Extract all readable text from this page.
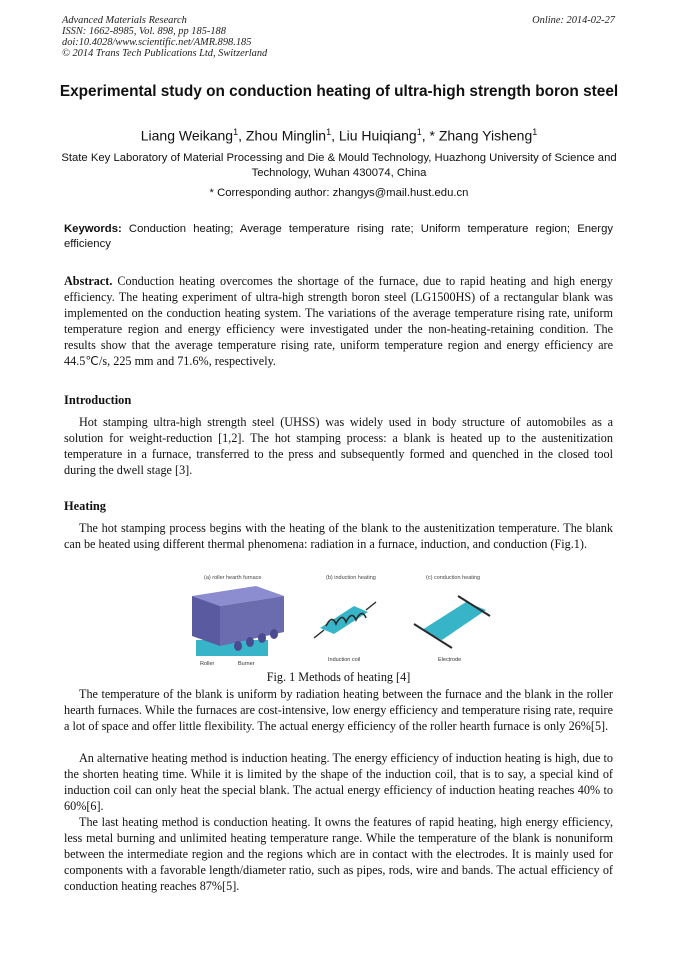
Advanced Materials Research
ISSN: 1662-8985, Vol. 898, pp 185-188
doi:10.4028/www.scientific.net/AMR.898.185
© 2014 Trans Tech Publications Ltd, Switzerland
Online: 2014-02-27
Experimental study on conduction heating of ultra-high strength boron steel
Liang Weikang$^1$, Zhou Minglin$^1$, Liu Huiqiang$^1$, * Zhang Yisheng$^1$
State Key Laboratory of Material Processing and Die & Mould Technology, Huazhong University of Science and Technology, Wuhan 430074, China
* Corresponding author: zhangys@mail.hust.edu.cn
Keywords: Conduction heating; Average temperature rising rate; Uniform temperature region; Energy efficiency
Abstract. Conduction heating overcomes the shortage of the furnace, due to rapid heating and high energy efficiency. The heating experiment of ultra-high strength boron steel (LG1500HS) of a rectangular blank was implemented on the conduction heating system. The variations of the average temperature rising rate, uniform temperature region and energy efficiency were investigated under the non-heating-retaining condition. The results show that the average temperature rising rate, uniform temperature region and energy efficiency are 44.5℃/s, 225 mm and 71.6%, respectively.
Introduction
Hot stamping ultra-high strength steel (UHSS) was widely used in body structure of automobiles as a solution for weight-reduction [1,2]. The hot stamping process: a blank is heated up to the austenitization temperature in a furnace, transferred to the press and subsequently formed and quenched in the closed tool during the dwell stage [3].
Heating
The hot stamping process begins with the heating of the blank to the austenitization temperature. The blank can be heated using different thermal phenomena: radiation in a furnace, induction, and conduction (Fig.1).
(a) roller hearth furnace	(b) induction heating	(c) conduction heating
Roller	Burner
Induction coil	Electrode
Fig. 1 Methods of heating [4]
The temperature of the blank is uniform by radiation heating between the furnace and the blank in the roller hearth furnaces. While the furnaces are cost-intensive, low energy efficiency and temperature rising rate, require a lot of space and offer little flexibility. The actual energy efficiency of the roller hearth furnace is only 26%[5].
An alternative heating method is induction heating. The energy efficiency of induction heating is high, due to the shorten heating time. While it is limited by the shape of the induction coil, that is to say, a special kind of induction coil can only heat the special blank. The actual energy efficiency of induction heating reaches 40% to 60%[6].
The last heating method is conduction heating. It owns the features of rapid heating, high energy efficiency, less metal burning and unlimited heating temperature range. While the temperature of the blank is nonuniform between the intermediate region and the regions which are in contact with the electrodes. It is mainly used for components with a favorable length/diameter ratio, such as pipes, rods, wire and bands. The actual efficiency of conduction heating reaches 87%[5].
